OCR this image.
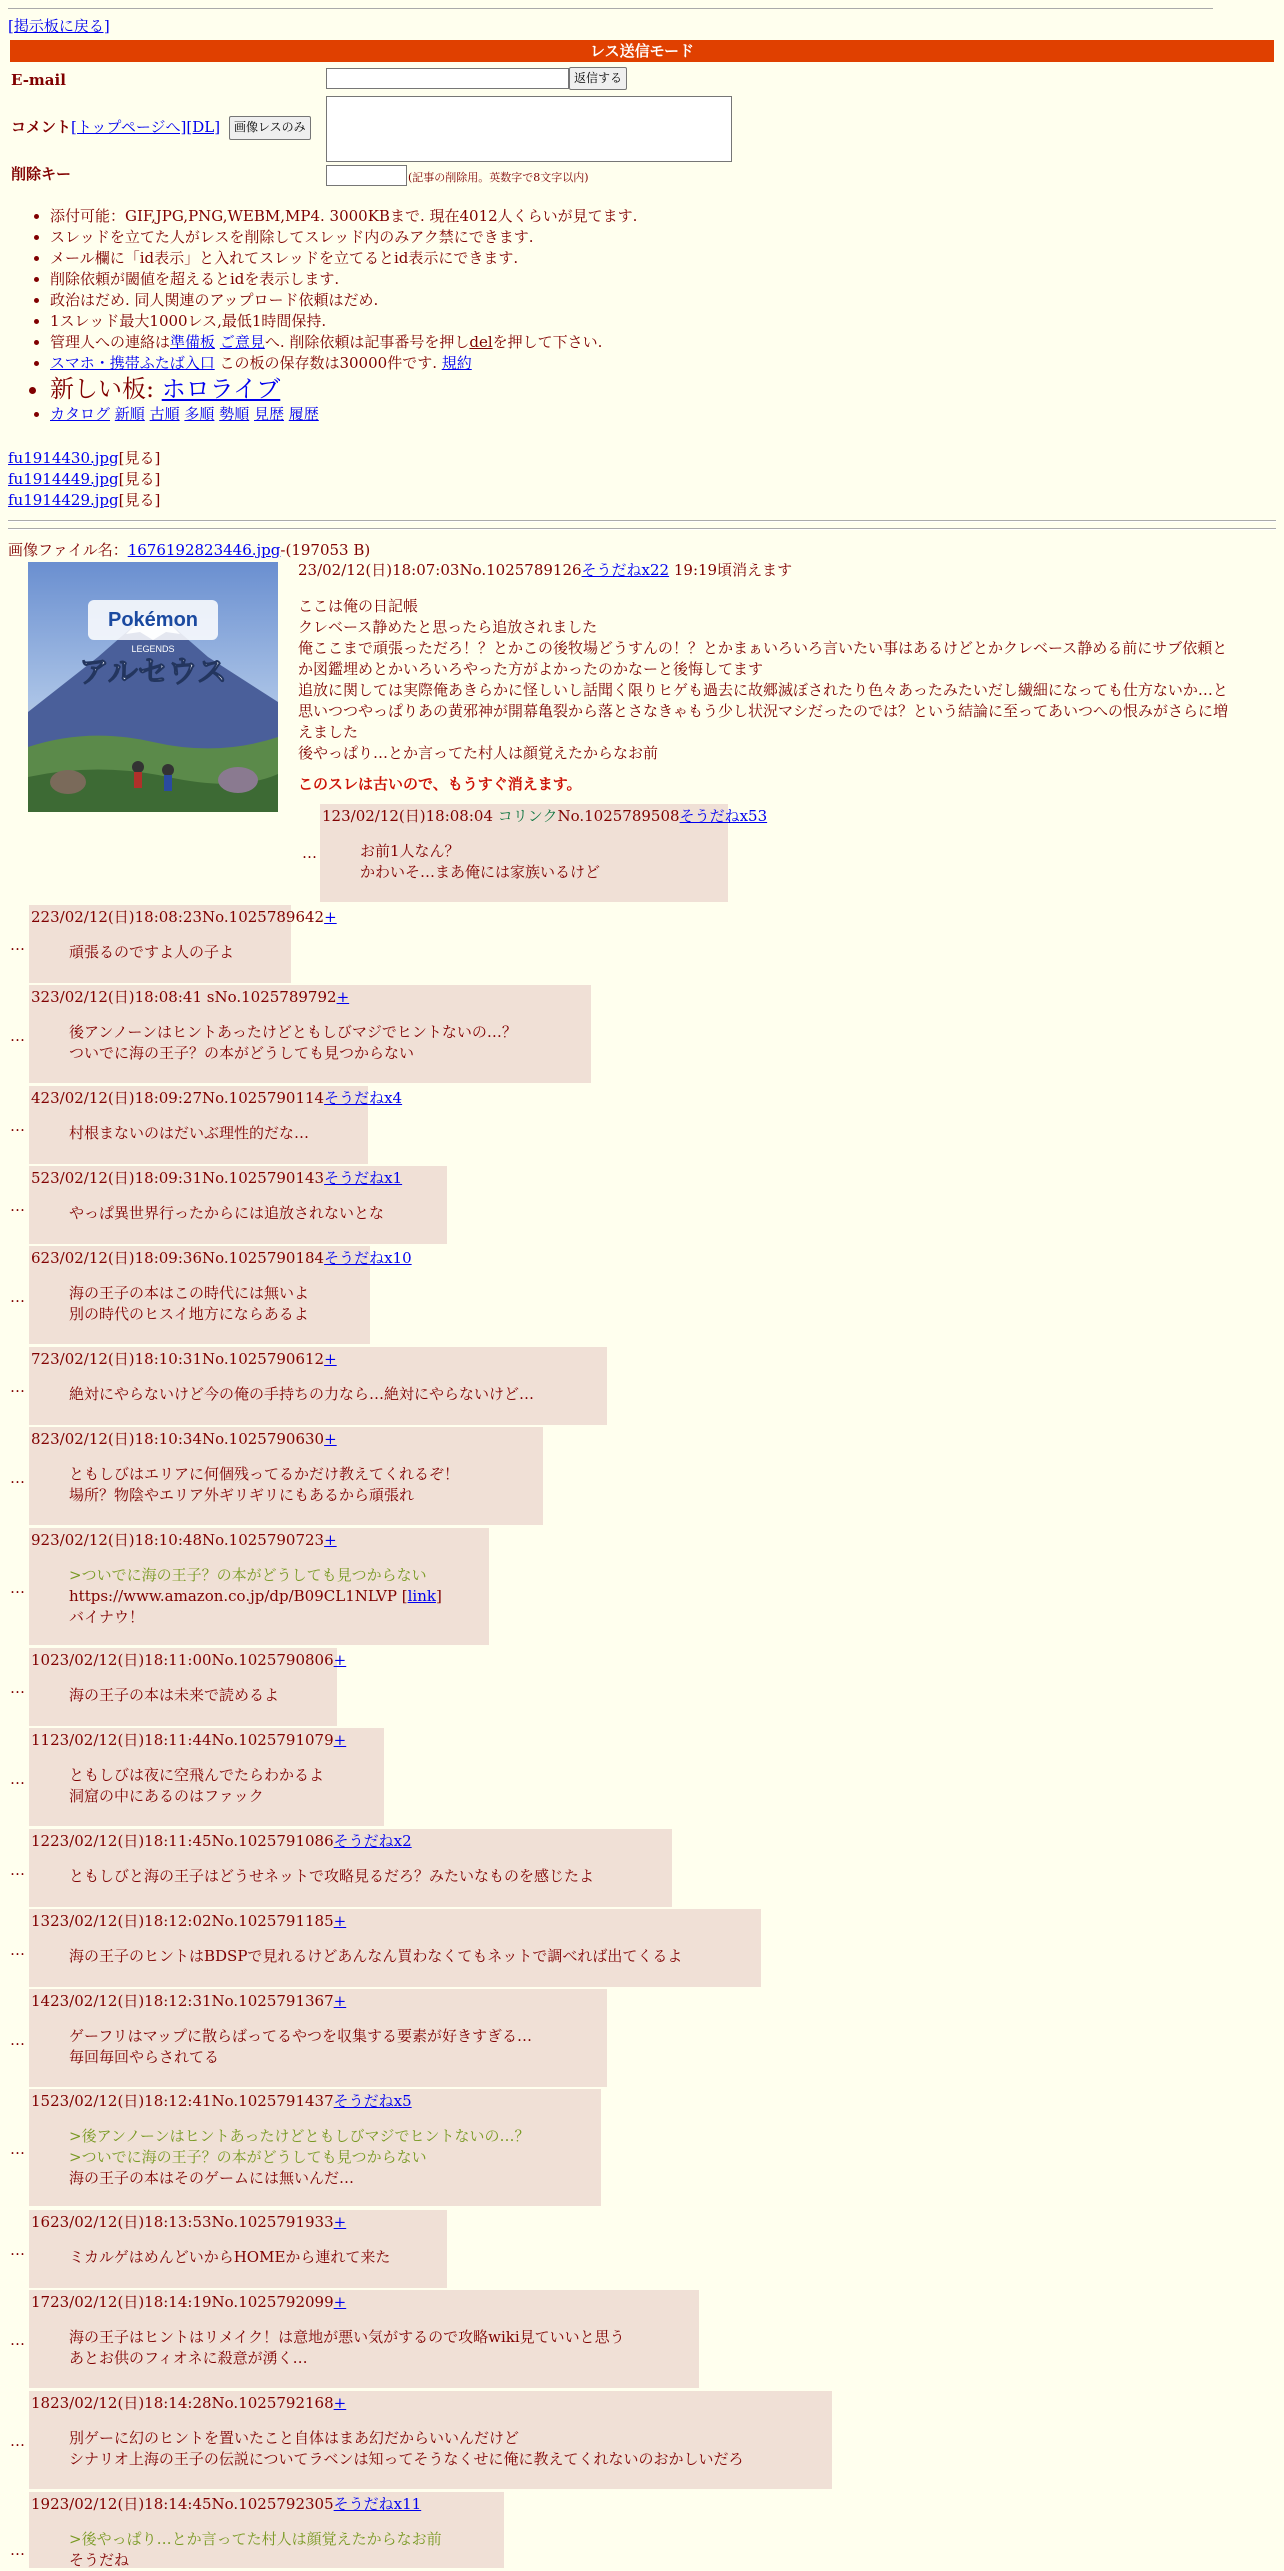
[掲示板に戻る]
レス送信モード
E-mail	返信する
コメント[トップページへ][DL]	画像レスのみ
削除キー	(記事の削除用。英数字で8文字以内)
• 添付可能：GIF,JPG,PNG,WEBM,MP4. 3000KBまで. 現在4012人くらいが見てます.
• スレッドを立てた人がレスを削除してスレッド内のみアク禁にできます.
• メール欄に「id表示」と入れてスレッドを立てるとid表示にできます.
• 削除依頼が閾値を超えるとidを表示します.
• 政治はだめ. 同人関連のアップロード依頼はだめ.
• 1スレッド最大1000レス,最低1時間保持.
• 管理人への連絡は準備板 ご意見へ. 削除依頼は記事番号を押しdelを押して下さい.
• スマホ・携帯ふたば入口 この板の保存数は30000件です. 規約
• 新しい板: ホロライブ
• カタログ 新順 古順 多順 勢順 見歴 履歴
fu1914430.jpg[見る]
fu1914449.jpg[見る]
fu1914429.jpg[見る]
画像ファイル名：1676192823446.jpg-(197053 B)
Pokémon
LEGENDS
アルセウス
23/02/12(日)18:07:03No.1025789126そうだねx22 19:19頃消えます
ここは俺の日記帳
クレベース静めたと思ったら追放されました
俺ここまで頑張っただろ！？とかこの後牧場どうすんの！？とかまぁいろいろ言いたい事はあるけどとかクレベース静める前にサブ依頼とか図鑑埋めとかいろいろやった方がよかったのかなーと後悔してます
追放に関しては実際俺あきらかに怪しいし話聞く限りヒゲも過去に故郷滅ぼされたり色々あったみたいだし繊細になっても仕方ないか…と思いつつやっぱりあの黄邪神が開幕亀裂から落とさなきゃもう少し状況マシだったのでは？という結論に至ってあいつへの恨みがさらに増えました
後やっぱり…とか言ってた村人は顔覚えたからなお前
このスレは古いので、もうすぐ消えます。
…
123/02/12(日)18:08:04 コリンクNo.1025789508そうだねx53
お前1人なん？
かわいそ…まあ俺には家族いるけど
…
223/02/12(日)18:08:23No.1025789642+
頑張るのですよ人の子よ
…
323/02/12(日)18:08:41 sNo.1025789792+
後アンノーンはヒントあったけどともしびマジでヒントないの…？
ついでに海の王子？の本がどうしても見つからない
…
423/02/12(日)18:09:27No.1025790114そうだねx4
村根まないのはだいぶ理性的だな…
…
523/02/12(日)18:09:31No.1025790143そうだねx1
やっぱ異世界行ったからには追放されないとな
…
623/02/12(日)18:09:36No.1025790184そうだねx10
海の王子の本はこの時代には無いよ
別の時代のヒスイ地方にならあるよ
…
723/02/12(日)18:10:31No.1025790612+
絶対にやらないけど今の俺の手持ちの力なら…絶対にやらないけど…
…
823/02/12(日)18:10:34No.1025790630+
ともしびはエリアに何個残ってるかだけ教えてくれるぞ！
場所？物陰やエリア外ギリギリにもあるから頑張れ
…
923/02/12(日)18:10:48No.1025790723+
>ついでに海の王子？の本がどうしても見つからない
https://www.amazon.co.jp/dp/B09CL1NLVP [link]
バイナウ！
…
1023/02/12(日)18:11:00No.1025790806+
海の王子の本は未来で読めるよ
…
1123/02/12(日)18:11:44No.1025791079+
ともしびは夜に空飛んでたらわかるよ
洞窟の中にあるのはファック
…
1223/02/12(日)18:11:45No.1025791086そうだねx2
ともしびと海の王子はどうせネットで攻略見るだろ？みたいなものを感じたよ
…
1323/02/12(日)18:12:02No.1025791185+
海の王子のヒントはBDSPで見れるけどあんなん買わなくてもネットで調べれば出てくるよ
…
1423/02/12(日)18:12:31No.1025791367+
ゲーフリはマップに散らばってるやつを収集する要素が好きすぎる…
毎回毎回やらされてる
…
1523/02/12(日)18:12:41No.1025791437そうだねx5
>後アンノーンはヒントあったけどともしびマジでヒントないの…？
>ついでに海の王子？の本がどうしても見つからない
海の王子の本はそのゲームには無いんだ…
…
1623/02/12(日)18:13:53No.1025791933+
ミカルゲはめんどいからHOMEから連れて来た
…
1723/02/12(日)18:14:19No.1025792099+
海の王子はヒントはリメイク！は意地が悪い気がするので攻略wiki見ていいと思う
あとお供のフィオネに殺意が湧く…
…
1823/02/12(日)18:14:28No.1025792168+
別ゲーに幻のヒントを置いたこと自体はまあ幻だからいいんだけど
シナリオ上海の王子の伝説についてラベンは知ってそうなくせに俺に教えてくれないのおかしいだろ
…
1923/02/12(日)18:14:45No.1025792305そうだねx11
>後やっぱり…とか言ってた村人は顔覚えたからなお前
そうだね
